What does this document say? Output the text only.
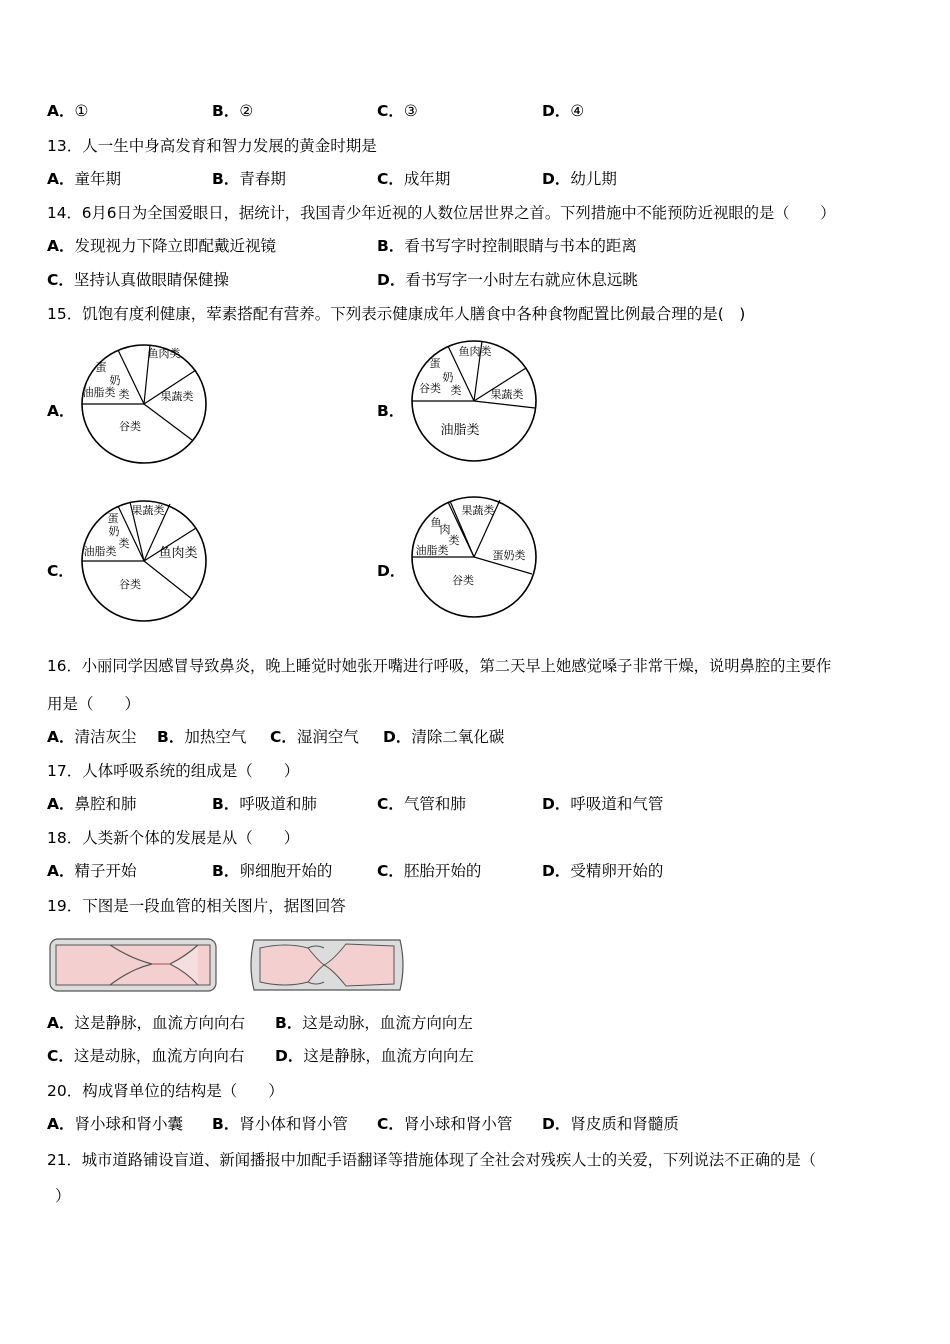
A．①	B．②	C．③	D．④
13．人一生中身高发育和智力发展的黄金时期是
A．童年期	B．青春期	C．成年期	D．幼儿期
14．6月6日为全国爱眼日，据统计，我国青少年近视的人数位居世界之首。下列措施中不能预防近视眼的是（　　）
A．发现视力下降立即配戴近视镜	B．看书写字时控制眼睛与书本的距离
C．坚持认真做眼睛保健操	D．看书写字一小时左右就应休息远眺
15．饥饱有度利健康，荤素搭配有营养。下列表示健康成年人膳食中各种食物配置比例最合理的是(　)
A．
鱼肉类
蛋
奶
类
油脂类	果蔬类
谷类
B．
鱼肉类
蛋
奶
类
谷类	果蔬类
油脂类
C．
果蔬类
蛋
奶
类
油脂类	鱼肉类
谷类
D．
果蔬类
鱼
肉
类
油脂类	蛋奶类
谷类
16．小丽同学因感冒导致鼻炎，晚上睡觉时她张开嘴进行呼吸，第二天早上她感觉嗓子非常干燥，说明鼻腔的主要作
用是（　　）
A．清洁灰尘 B．加热空气 C．湿润空气 D．清除二氧化碳
17．人体呼吸系统的组成是（　　）
A．鼻腔和肺	B．呼吸道和肺	C．气管和肺	D．呼吸道和气管
18．人类新个体的发展是从（　　）
A．精子开始	B．卵细胞开始的	C．胚胎开始的	D．受精卵开始的
19．下图是一段血管的相关图片，据图回答
A．这是静脉，血流方向向右 B．这是动脉，血流方向向左
C．这是动脉，血流方向向右 D．这是静脉，血流方向向左
20．构成肾单位的结构是（　　）
A．肾小球和肾小囊 B．肾小体和肾小管 C．肾小球和肾小管 D．肾皮质和肾髓质
21．城市道路铺设盲道、新闻播报中加配手语翻译等措施体现了全社会对残疾人士的关爱，下列说法不正确的是（
）
